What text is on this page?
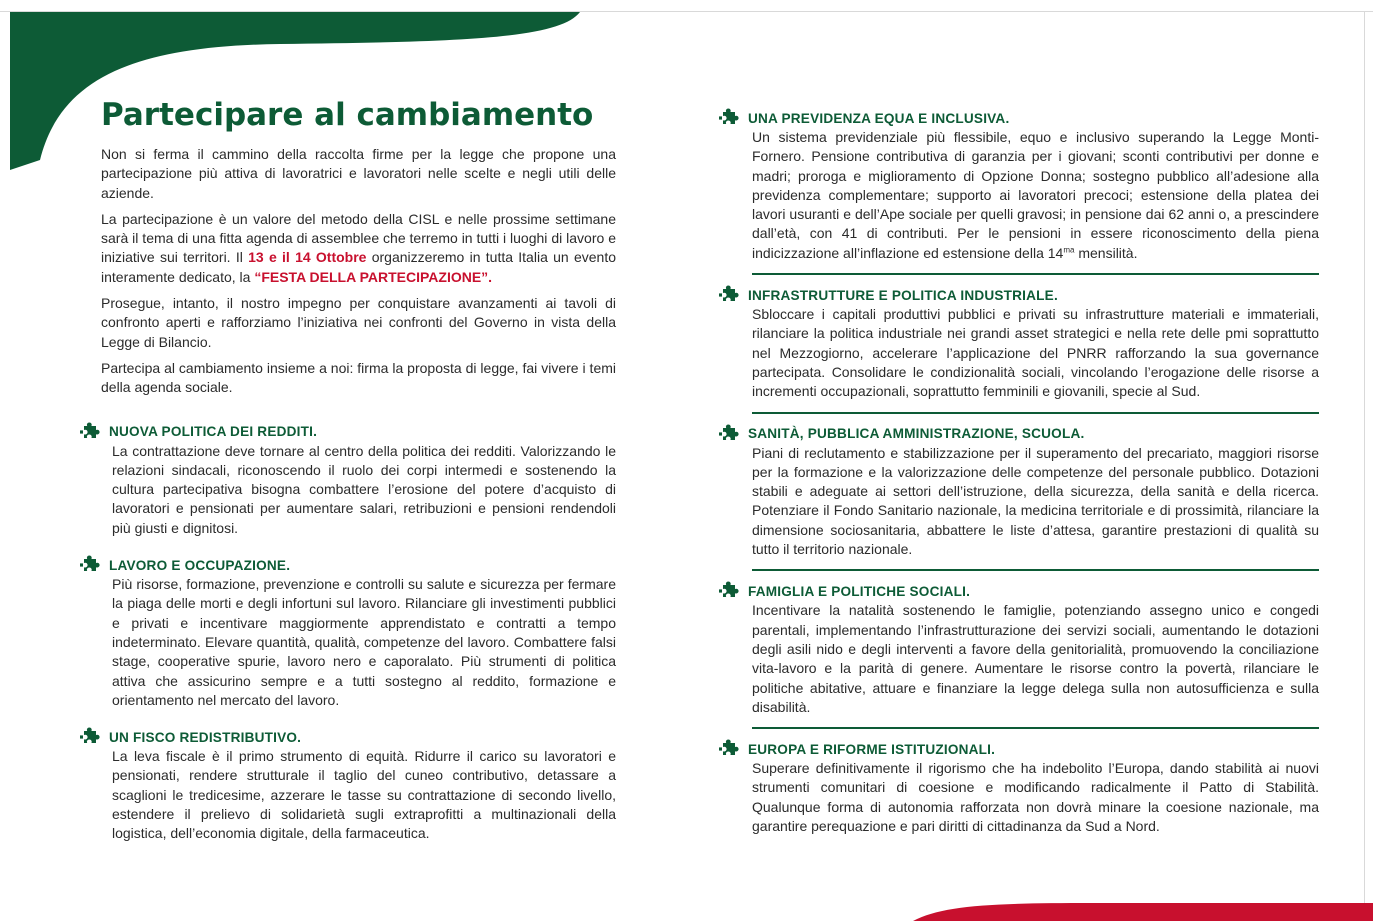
Partecipare al cambiamento

Non si ferma il cammino della raccolta firme per la legge che propone una partecipazione più attiva di lavoratrici e lavoratori nelle scelte e negli utili delle aziende.

La partecipazione è un valore del metodo della CISL e nelle prossime settimane sarà il tema di una fitta agenda di assemblee che terremo in tutti i luoghi di lavoro e iniziative sui territori. Il 13 e il 14 Ottobre organizzeremo in tutta Italia un evento interamente dedicato, la “FESTA DELLA PARTECIPAZIONE”.

Prosegue, intanto, il nostro impegno per conquistare avanzamenti ai tavoli di confronto aperti e rafforziamo l’iniziativa nei confronti del Governo in vista della Legge di Bilancio.

Partecipa al cambiamento insieme a noi: firma la proposta di legge, fai vivere i temi della agenda sociale.

NUOVA POLITICA DEI REDDITI.

La contrattazione deve tornare al centro della politica dei redditi. Valorizzando le relazioni sindacali, riconoscendo il ruolo dei corpi intermedi e sostenendo la cultura partecipativa bisogna combattere l’erosione del potere d’acquisto di lavoratori e pensionati per aumentare salari, retribuzioni e pensioni rendendoli più giusti e dignitosi.

LAVORO E OCCUPAZIONE.

Più risorse, formazione, prevenzione e controlli su salute e sicurezza per fermare la piaga delle morti e degli infortuni sul lavoro. Rilanciare gli investimenti pubblici e privati e incentivare maggiormente apprendistato e contratti a tempo indeterminato. Elevare quantità, qualità, competenze del lavoro. Combattere falsi stage, cooperative spurie, lavoro nero e caporalato. Più strumenti di politica attiva che assicurino sempre e a tutti sostegno al reddito, formazione e orientamento nel mercato del lavoro.

UN FISCO REDISTRIBUTIVO.

La leva fiscale è il primo strumento di equità. Ridurre il carico su lavoratori e pensionati, rendere strutturale il taglio del cuneo contributivo, detassare a scaglioni le tredicesime, azzerare le tasse su contrattazione di secondo livello, estendere il prelievo di solidarietà sugli extraprofitti a multinazionali della logistica, dell’economia digitale, della farmaceutica.

UNA PREVIDENZA EQUA E INCLUSIVA.

Un sistema previdenziale più flessibile, equo e inclusivo superando la Legge Monti-Fornero. Pensione contributiva di garanzia per i giovani; sconti contributivi per donne e madri; proroga e miglioramento di Opzione Donna; sostegno pubblico all’adesione alla previdenza complementare; supporto ai lavoratori precoci; estensione della platea dei lavori usuranti e dell’Ape sociale per quelli gravosi; in pensione dai 62 anni o, a prescindere dall’età, con 41 di contributi. Per le pensioni in essere riconoscimento della piena indicizzazione all’inflazione ed estensione della $14^{ma}$ mensilità.

INFRASTRUTTURE E POLITICA INDUSTRIALE.

Sbloccare i capitali produttivi pubblici e privati su infrastrutture materiali e immateriali, rilanciare la politica industriale nei grandi asset strategici e nella rete delle pmi soprattutto nel Mezzogiorno, accelerare l’applicazione del PNRR rafforzando la sua governance partecipata. Consolidare le condizionalità sociali, vincolando l’erogazione delle risorse a incrementi occupazionali, soprattutto femminili e giovanili, specie al Sud.

SANITÀ, PUBBLICA AMMINISTRAZIONE, SCUOLA.

Piani di reclutamento e stabilizzazione per il superamento del precariato, maggiori risorse per la formazione e la valorizzazione delle competenze del personale pubblico. Dotazioni stabili e adeguate ai settori dell’istruzione, della sicurezza, della sanità e della ricerca. Potenziare il Fondo Sanitario nazionale, la medicina territoriale e di prossimità, rilanciare la dimensione sociosanitaria, abbattere le liste d’attesa, garantire prestazioni di qualità su tutto il territorio nazionale.

FAMIGLIA E POLITICHE SOCIALI.

Incentivare la natalità sostenendo le famiglie, potenziando assegno unico e congedi parentali, implementando l’infrastrutturazione dei servizi sociali, aumentando le dotazioni degli asili nido e degli interventi a favore della genitorialità, promuovendo la conciliazione vita-lavoro e la parità di genere. Aumentare le risorse contro la povertà, rilanciare le politiche abitative, attuare e finanziare la legge delega sulla non autosufficienza e sulla disabilità.

EUROPA E RIFORME ISTITUZIONALI.

Superare definitivamente il rigorismo che ha indebolito l’Europa, dando stabilità ai nuovi strumenti comunitari di coesione e modificando radicalmente il Patto di Stabilità. Qualunque forma di autonomia rafforzata non dovrà minare la coesione nazionale, ma garantire perequazione e pari diritti di cittadinanza da Sud a Nord.
